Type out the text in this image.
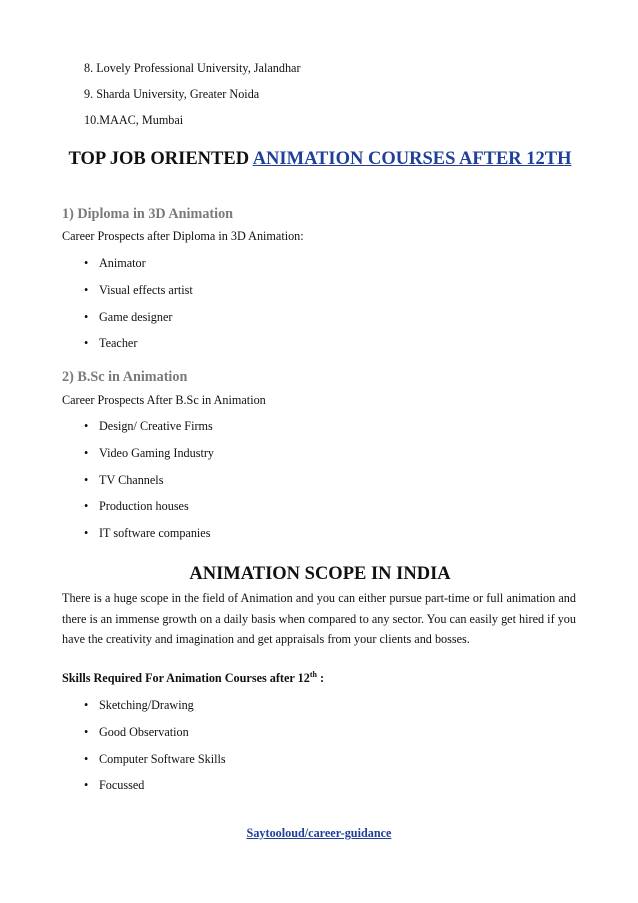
8. Lovely Professional University, Jalandhar
9. Sharda University, Greater Noida
10.MAAC, Mumbai
TOP JOB ORIENTED ANIMATION COURSES AFTER 12TH
1) Diploma in 3D Animation

Career Prospects after Diploma in 3D Animation:

• Animator
• Visual effects artist
• Game designer
• Teacher
2) B.Sc in Animation

Career Prospects After B.Sc in Animation

• Design/ Creative Firms
• Video Gaming Industry
• TV Channels
• Production houses
• IT software companies
ANIMATION SCOPE IN INDIA

There is a huge scope in the field of Animation and you can either pursue part-time or full animation and there is an immense growth on a daily basis when compared to any sector. You can easily get hired if you have the creativity and imagination and get appraisals from your clients and bosses.

Skills Required For Animation Courses after 12th :

• Sketching/Drawing
• Good Observation
• Computer Software Skills
• Focussed
Saytooloud/career-guidance
